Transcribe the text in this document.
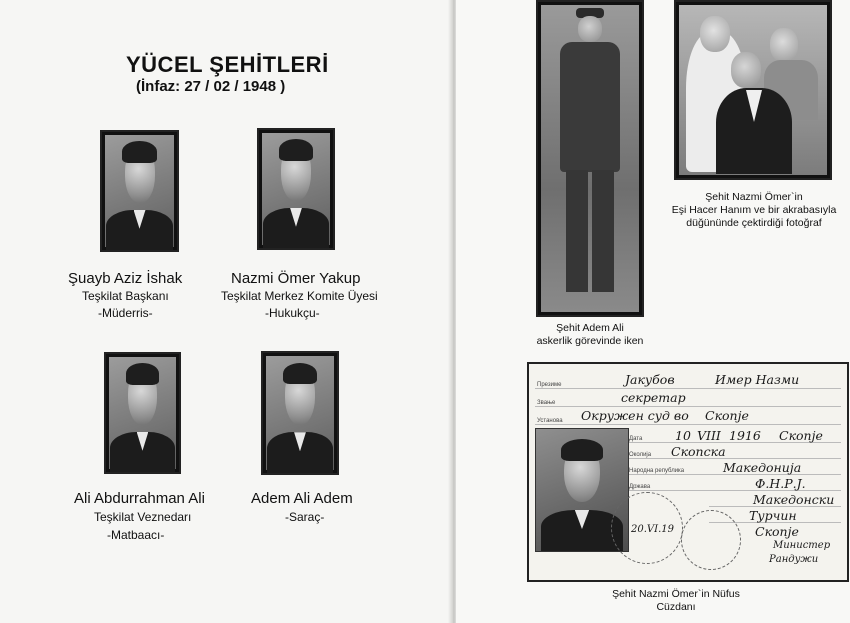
YÜCEL ŞEHİTLERİ
(İnfaz: 27 / 02 / 1948 )
Şuayb Aziz İshak
Teşkilat Başkanı
-Müderris-
Nazmi Ömer Yakup
Teşkilat Merkez Komite Üyesi
-Hukukçu-
Ali Abdurrahman Ali
Teşkilat Veznedarı
-Matbaacı-
Adem Ali Adem
-Saraç-
Şehit Adem Ali
askerlik görevinde iken
Şehit Nazmi Ömer`in
Eşi Hacer Hanım ve bir akrabasıyla
düğününde çektirdiği fotoğraf
Şehit Nazmi Ömer`in Nüfus Cüzdanı
Презиме
Звање
Установа
Дата
Околиja
Народна република
Држава
Јакубов	Имер Назми
секретар
Окружен суд во Скопје
10 VIII 1916 Скопје
Скопска
Македонија
Ф.Н.Р.Ј.
Македонски
Турчин
Скопје
20.VI.19
Министер
Рандужи
